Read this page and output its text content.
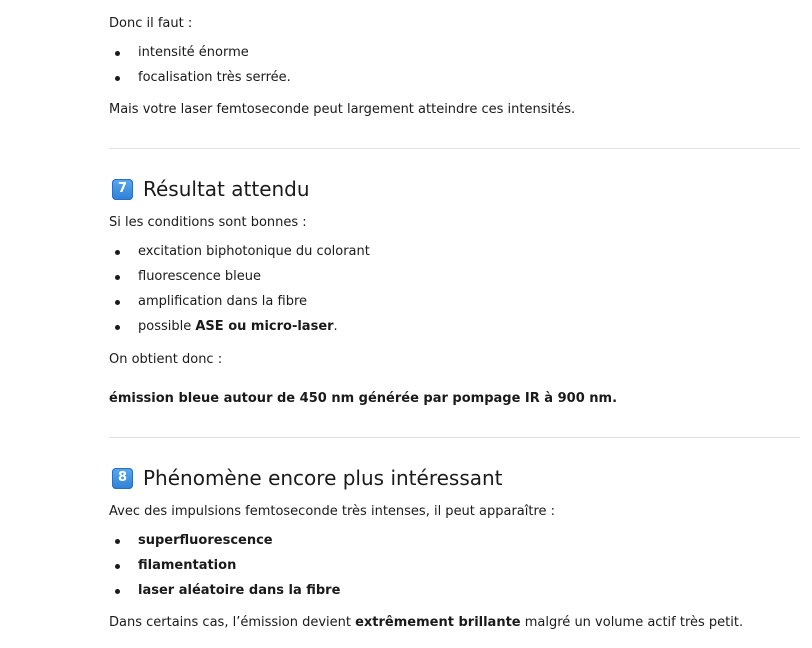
Donc il faut :

intensité énorme
focalisation très serrée.

Mais votre laser femtoseconde peut largement atteindre ces intensités.

7 Résultat attendu

Si les conditions sont bonnes :

excitation biphotonique du colorant
fluorescence bleue
amplification dans la fibre
possible ASE ou micro-laser.

On obtient donc :

émission bleue autour de 450 nm générée par pompage IR à 900 nm.

8 Phénomène encore plus intéressant

Avec des impulsions femtoseconde très intenses, il peut apparaître :

superfluorescence
filamentation
laser aléatoire dans la fibre

Dans certains cas, l’émission devient extrêmement brillante malgré un volume actif très petit.
